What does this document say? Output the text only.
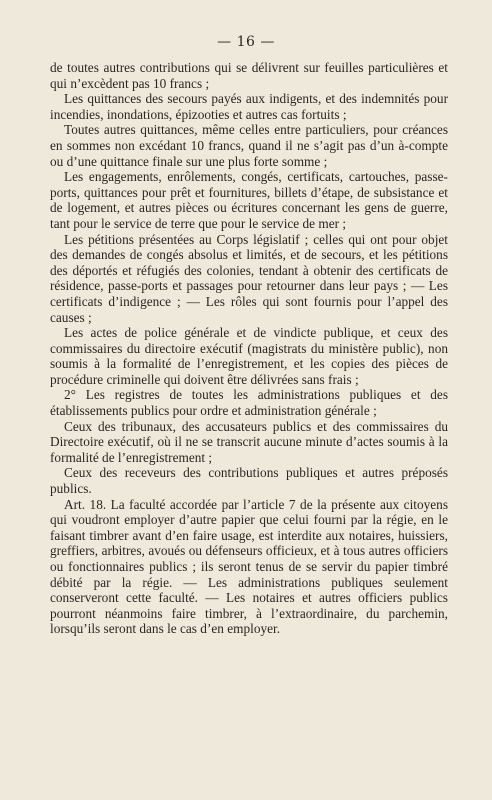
— 16 —

de toutes autres contributions qui se délivrent sur feuilles particulières et qui n’excèdent pas 10 francs ;

Les quittances des secours payés aux indigents, et des indemnités pour incendies, inondations, épizooties et autres cas fortuits ;

Toutes autres quittances, même celles entre particuliers, pour créances en sommes non excédant 10 francs, quand il ne s’agit pas d’un à-compte ou d’une quittance finale sur une plus forte somme ;

Les engagements, enrôlements, congés, certificats, cartouches, passe-ports, quittances pour prêt et fournitures, billets d’étape, de subsistance et de logement, et autres pièces ou écritures concernant les gens de guerre, tant pour le service de terre que pour le service de mer ;

Les pétitions présentées au Corps législatif ; celles qui ont pour objet des demandes de congés absolus et limités, et de secours, et les pétitions des déportés et réfugiés des colonies, tendant à obtenir des certificats de résidence, passe-ports et passages pour retourner dans leur pays ; — Les certificats d’indigence ; — Les rôles qui sont fournis pour l’appel des causes ;

Les actes de police générale et de vindicte publique, et ceux des commissaires du directoire exécutif (magistrats du ministère public), non soumis à la formalité de l’enregistrement, et les copies des pièces de procédure criminelle qui doivent être délivrées sans frais ;

2° Les registres de toutes les administrations publiques et des établissements publics pour ordre et administration générale ;

Ceux des tribunaux, des accusateurs publics et des commissaires du Directoire exécutif, où il ne se transcrit aucune minute d’actes soumis à la formalité de l’enregistrement ;

Ceux des receveurs des contributions publiques et autres préposés publics.

Art. 18. La faculté accordée par l’article 7 de la présente aux citoyens qui voudront employer d’autre papier que celui fourni par la régie, en le faisant timbrer avant d’en faire usage, est interdite aux notaires, huissiers, greffiers, arbitres, avoués ou défenseurs officieux, et à tous autres officiers ou fonctionnaires publics ; ils seront tenus de se servir du papier timbré débité par la régie. — Les administrations publiques seulement conserveront cette faculté. — Les notaires et autres officiers publics pourront néanmoins faire timbrer, à l’extraordinaire, du parchemin, lorsqu’ils seront dans le cas d’en employer.
